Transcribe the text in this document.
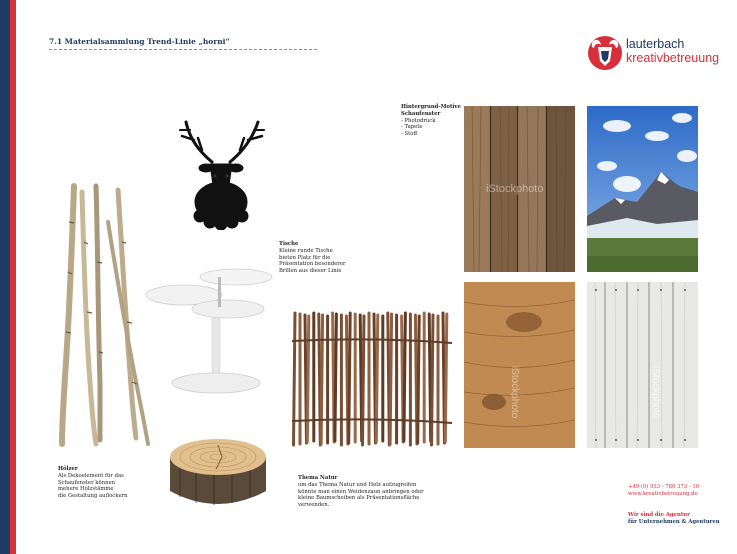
7.1 Materialsammlung Trend-Linie „horni“	lauterbach
kreativbetreuung
Hintergrund-Motive
Schaufenster
- Photodruck
- Tapete
- Stoff
iStockphoto
Tische
Kleine runde Tische
bieten Platz für die
Präsentation besonderer
Brillen aus dieser Linie
iStockphoto	iStockphoto
Hölzer
Als Dekoelement für das
Schaufenster können
mehere Holzstämme
die Gestaltung auflockern
Thema Natur
um das Thema Natur und Holz aufzugreifen
könnte man einen Weidenzaun anbringen oder
kleine Baumscheiben als Präsentationsfläche
verwenden.
+49 (0) 933 - 780 373 - 10
www.kreativbetreuung.de
Wir sind die Agentur
für Unternehmen & Agenturen
